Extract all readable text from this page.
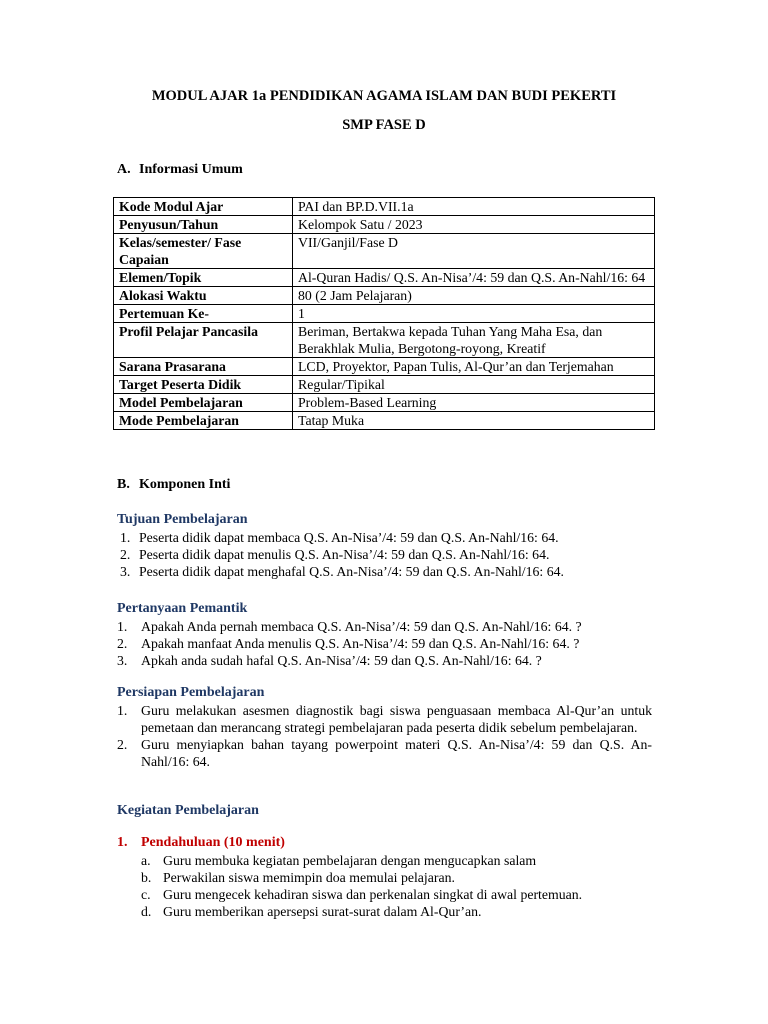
MODUL AJAR 1a PENDIDIKAN AGAMA ISLAM DAN BUDI PEKERTI
SMP FASE D
A. Informasi Umum
Kode Modul Ajar	PAI dan BP.D.VII.1a
Penyusun/Tahun	Kelompok Satu / 2023
Kelas/semester/ Fase Capaian	VII/Ganjil/Fase D
Elemen/Topik	Al-Quran Hadis/ Q.S. An-Nisa’/4: 59 dan Q.S. An-Nahl/16: 64
Alokasi Waktu	80 (2 Jam Pelajaran)
Pertemuan Ke-	1
Profil Pelajar Pancasila	Beriman, Bertakwa kepada Tuhan Yang Maha Esa, dan Berakhlak Mulia, Bergotong-royong, Kreatif
Sarana Prasarana	LCD, Proyektor, Papan Tulis, Al-Qur’an dan Terjemahan
Target Peserta Didik	Regular/Tipikal
Model Pembelajaran	Problem-Based Learning
Mode Pembelajaran	Tatap Muka
B. Komponen Inti
Tujuan Pembelajaran
1. Peserta didik dapat membaca Q.S. An-Nisa’/4: 59 dan Q.S. An-Nahl/16: 64.
2. Peserta didik dapat menulis Q.S. An-Nisa’/4: 59 dan Q.S. An-Nahl/16: 64.
3. Peserta didik dapat menghafal Q.S. An-Nisa’/4: 59 dan Q.S. An-Nahl/16: 64.
Pertanyaan Pemantik
1. Apakah Anda pernah membaca Q.S. An-Nisa’/4: 59 dan Q.S. An-Nahl/16: 64. ?
2. Apakah manfaat Anda menulis Q.S. An-Nisa’/4: 59 dan Q.S. An-Nahl/16: 64. ?
3. Apkah anda sudah hafal Q.S. An-Nisa’/4: 59 dan Q.S. An-Nahl/16: 64. ?
Persiapan Pembelajaran
1. Guru melakukan asesmen diagnostik bagi siswa penguasaan membaca Al-Qur’an untuk pemetaan dan merancang strategi pembelajaran pada peserta didik sebelum pembelajaran.
2. Guru menyiapkan bahan tayang powerpoint materi Q.S. An-Nisa’/4: 59 dan Q.S. An-Nahl/16: 64.
Kegiatan Pembelajaran
1. Pendahuluan (10 menit)
a. Guru membuka kegiatan pembelajaran dengan mengucapkan salam
b. Perwakilan siswa memimpin doa memulai pelajaran.
c. Guru mengecek kehadiran siswa dan perkenalan singkat di awal pertemuan.
d. Guru memberikan apersepsi surat-surat dalam Al-Qur’an.
